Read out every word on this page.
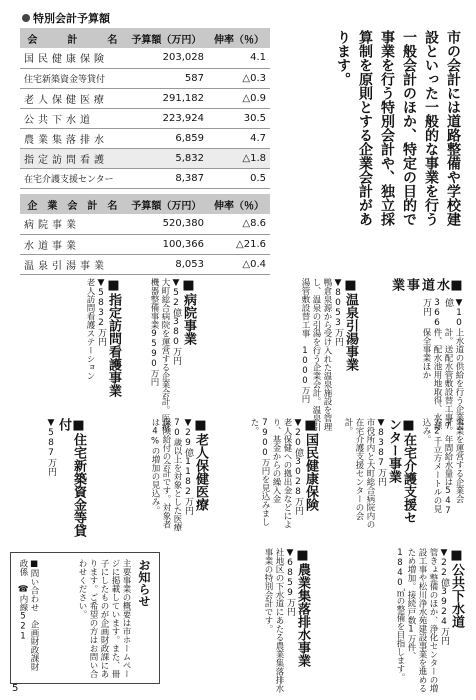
特別会計予算額
会　　　計　　　名	予算額（万円）	伸率（％）
国民健康保険	203,028	4.1
住宅新築資金等貸付	587	△0.3
老人保健医療	291,182	△0.9
公共下水道	223,924	30.5
農業集落排水	6,859	4.7
指定訪問看護	5,832	△1.8
在宅介護支援センター	8,387	0.5
企　業　会　計　名	予算額（万円）	伸率（％）
病院事業	520,380	△8.6
水道事業	100,366	△21.6
温泉引湯事業	8,053	△0.4
市の会計には道路整備や学校建設といった一般的な事業を行う一般会計のほか、特定の目的で事業を行う特別会計や、独立採算制を原則とする企業会計があります。
■水道事業
▼10億366万円
上水道の供給を行う企業会計。送配水管敷設替工事7件、配水池用地取得、水源保全事業ほか
■温泉引湯事業
▼8053万円
鴨倉泉源から受け入れた温泉施設を管理し、温泉の引湯を行う企業会計。温泉引湯管敷設替工事　1000万円
■病院事業
▼52億380万円
大町総合病院を運営する企業会計。医療機器整備事業9590万円
■指定訪問看護事業
▼5832万円
老人訪問看護ステーション
事業を運営する企業会計。年間給水量は547万2千立方メートルの見込み。
■在宅介護支援センター事業
▼8387万円
市役所内と大町総合病院内の在宅介護支援センターの会計。
■国民健康保険
▼20億3028万円
老人保健への拠出金などにより、基金からの繰入金7900万円を見込みました。
■老人保健医療
▼29億1182万円
70歳以上を対象とした医療保険給付の会計です。対象者は4%の増加の見込み。
■住宅新築資金等貸付
▼587万円
■公共下水道
▼22億3924万円
管きょ整備のほか、浄化センターの増設工事や松川浄水苑建設事業を進めるため増加。接続戸数1万件、1840㎡の整備を目指します。
■農業集落排水事業
▼6859万円
社地区の下水道にあたる農業集落排水事業の特別会計です。
お知らせ
主要事業の概要は市ホームページに掲載しています。また、冊子にしたものが企画財政課にあります。ご希望の方はお問い合わせください。
■問い合わせ　企画財政課財政係　☎内線521
5
